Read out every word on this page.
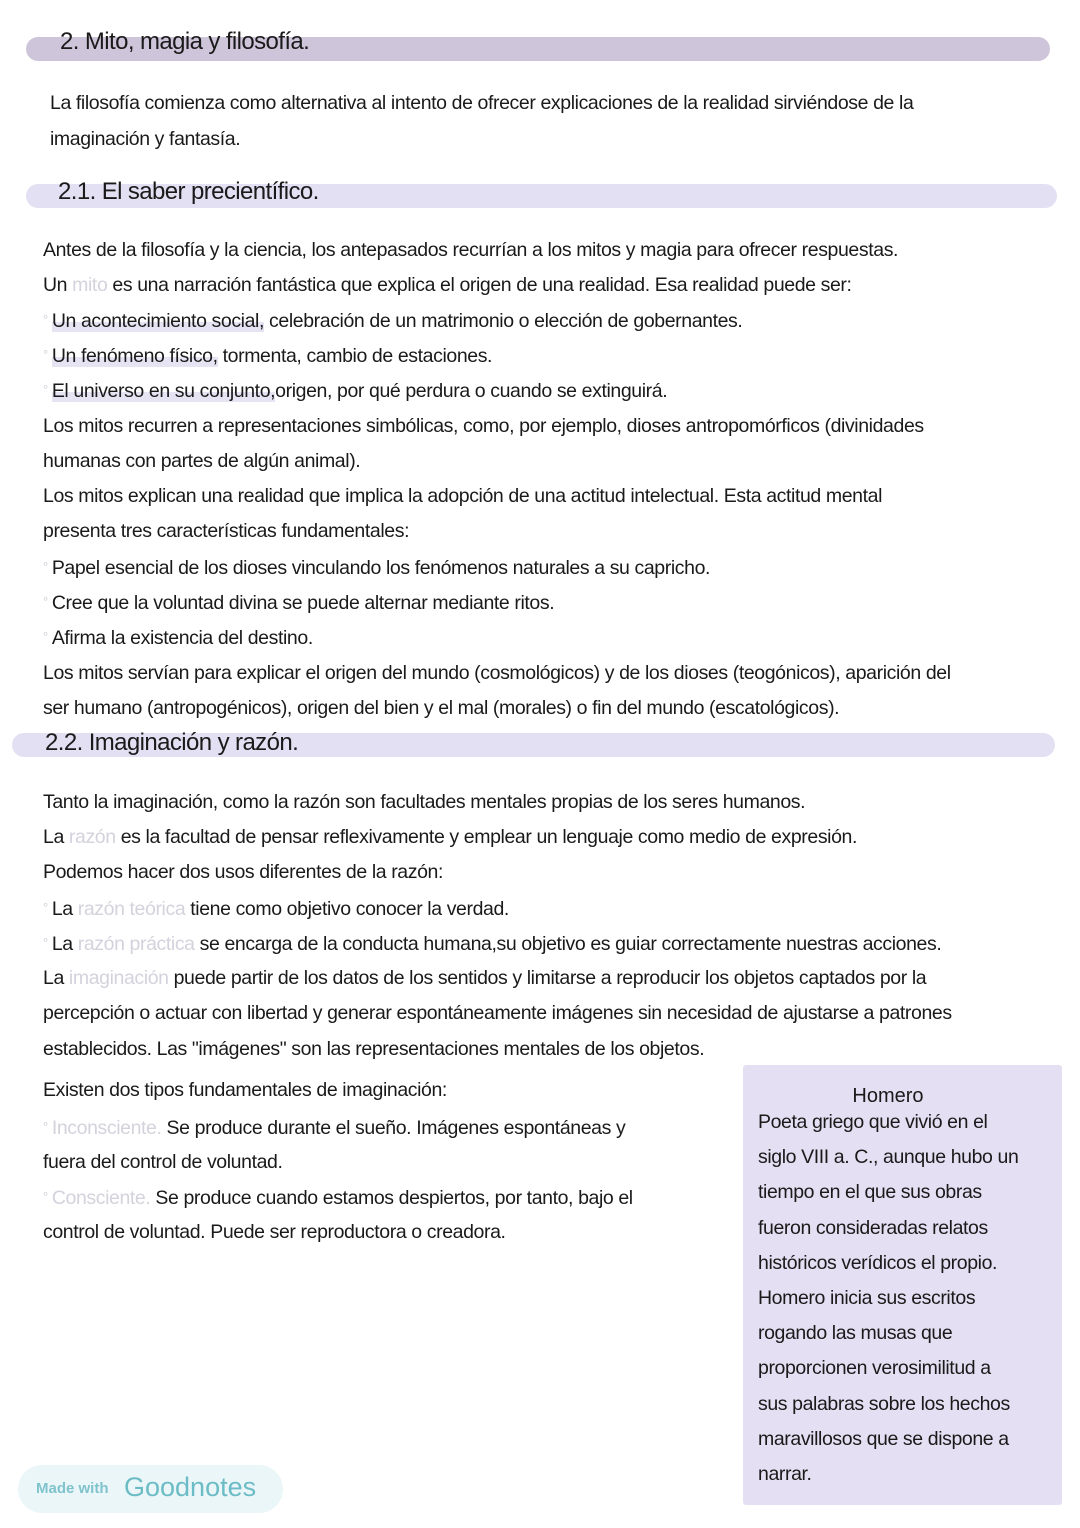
2. Mito, magia y filosofía.
La filosofía comienza como alternativa al intento de ofrecer explicaciones de la realidad sirviéndose de la
imaginación y fantasía.
2.1. El saber precientífico.
2.2. Imaginación y razón.
Antes de la filosofía y la ciencia, los antepasados recurrían a los mitos y magia para ofrecer respuestas.
Un mito es una narración fantástica que explica el origen de una realidad. Esa realidad puede ser:
° Un acontecimiento social, celebración de un matrimonio o elección de gobernantes.
° Un fenómeno físico, tormenta, cambio de estaciones.
° El universo en su conjunto,origen, por qué perdura o cuando se extinguirá.
Los mitos recurren a representaciones simbólicas, como, por ejemplo, dioses antropomórficos (divinidades
humanas con partes de algún animal).
Los mitos explican una realidad que implica la adopción de una actitud intelectual. Esta actitud mental
presenta tres características fundamentales:
° Papel esencial de los dioses vinculando los fenómenos naturales a su capricho.
° Cree que la voluntad divina se puede alternar mediante ritos.
° Afirma la existencia del destino.
Los mitos servían para explicar el origen del mundo (cosmológicos) y de los dioses (teogónicos), aparición del
ser humano (antropogénicos), origen del bien y el mal (morales) o fin del mundo (escatológicos).
Tanto la imaginación, como la razón son facultades mentales propias de los seres humanos.
La razón es la facultad de pensar reflexivamente y emplear un lenguaje como medio de expresión.
Podemos hacer dos usos diferentes de la razón:
° La razón teórica tiene como objetivo conocer la verdad.
° La razón práctica se encarga de la conducta humana,su objetivo es guiar correctamente nuestras acciones.
La imaginación puede partir de los datos de los sentidos y limitarse a reproducir los objetos captados por la
percepción o actuar con libertad y generar espontáneamente imágenes sin necesidad de ajustarse a patrones
establecidos. Las "imágenes" son las representaciones mentales de los objetos.
Existen dos tipos fundamentales de imaginación:
° Inconsciente. Se produce durante el sueño. Imágenes espontáneas y
fuera del control de voluntad.
° Consciente. Se produce cuando estamos despiertos, por tanto, bajo el
control de voluntad. Puede ser reproductora o creadora.
Homero
Poeta griego que vivió en el
siglo VIII a. C., aunque hubo un
tiempo en el que sus obras
fueron consideradas relatos
históricos verídicos el propio.
Homero inicia sus escritos
rogando las musas que
proporcionen verosimilitud a
sus palabras sobre los hechos
maravillosos que se dispone a
narrar.
Made with Goodnotes
